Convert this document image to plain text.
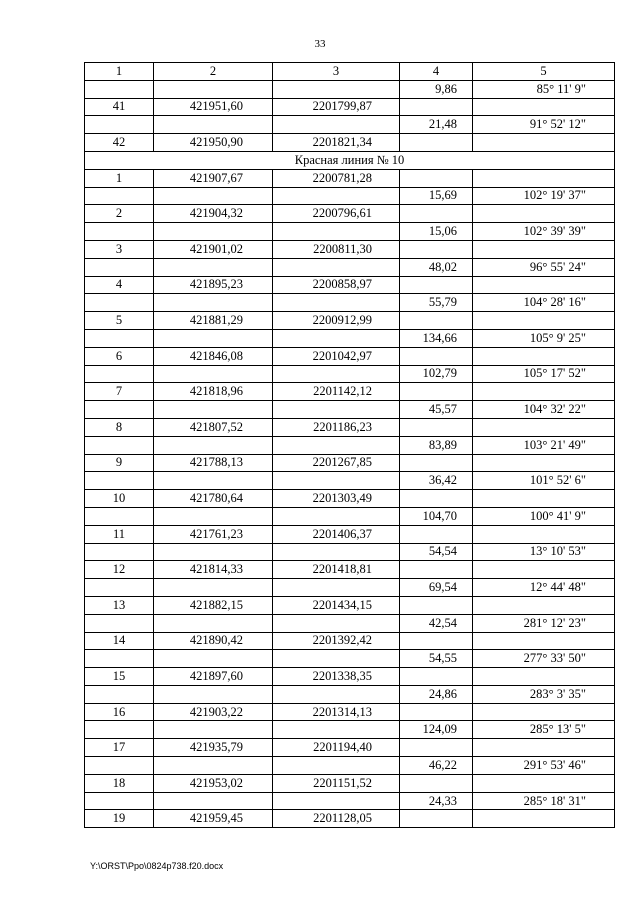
33
1	2	3	4	5
			9,86	85° 11' 9"
41	421951,60	2201799,87		
			21,48	91° 52' 12"
42	421950,90	2201821,34		
Красная линия № 10				
1	421907,67	2200781,28		
			15,69	102° 19' 37"
2	421904,32	2200796,61		
			15,06	102° 39' 39"
3	421901,02	2200811,30		
			48,02	96° 55' 24"
4	421895,23	2200858,97		
			55,79	104° 28' 16"
5	421881,29	2200912,99		
			134,66	105° 9' 25"
6	421846,08	2201042,97		
			102,79	105° 17' 52"
7	421818,96	2201142,12		
			45,57	104° 32' 22"
8	421807,52	2201186,23		
			83,89	103° 21' 49"
9	421788,13	2201267,85		
			36,42	101° 52' 6"
10	421780,64	2201303,49		
			104,70	100° 41' 9"
11	421761,23	2201406,37		
			54,54	13° 10' 53"
12	421814,33	2201418,81		
			69,54	12° 44' 48"
13	421882,15	2201434,15		
			42,54	281° 12' 23"
14	421890,42	2201392,42		
			54,55	277° 33' 50"
15	421897,60	2201338,35		
			24,86	283° 3' 35"
16	421903,22	2201314,13		
			124,09	285° 13' 5"
17	421935,79	2201194,40		
			46,22	291° 53' 46"
18	421953,02	2201151,52		
			24,33	285° 18' 31"
19	421959,45	2201128,05		
Y:\ORST\Ppo\0824p738.f20.docx
